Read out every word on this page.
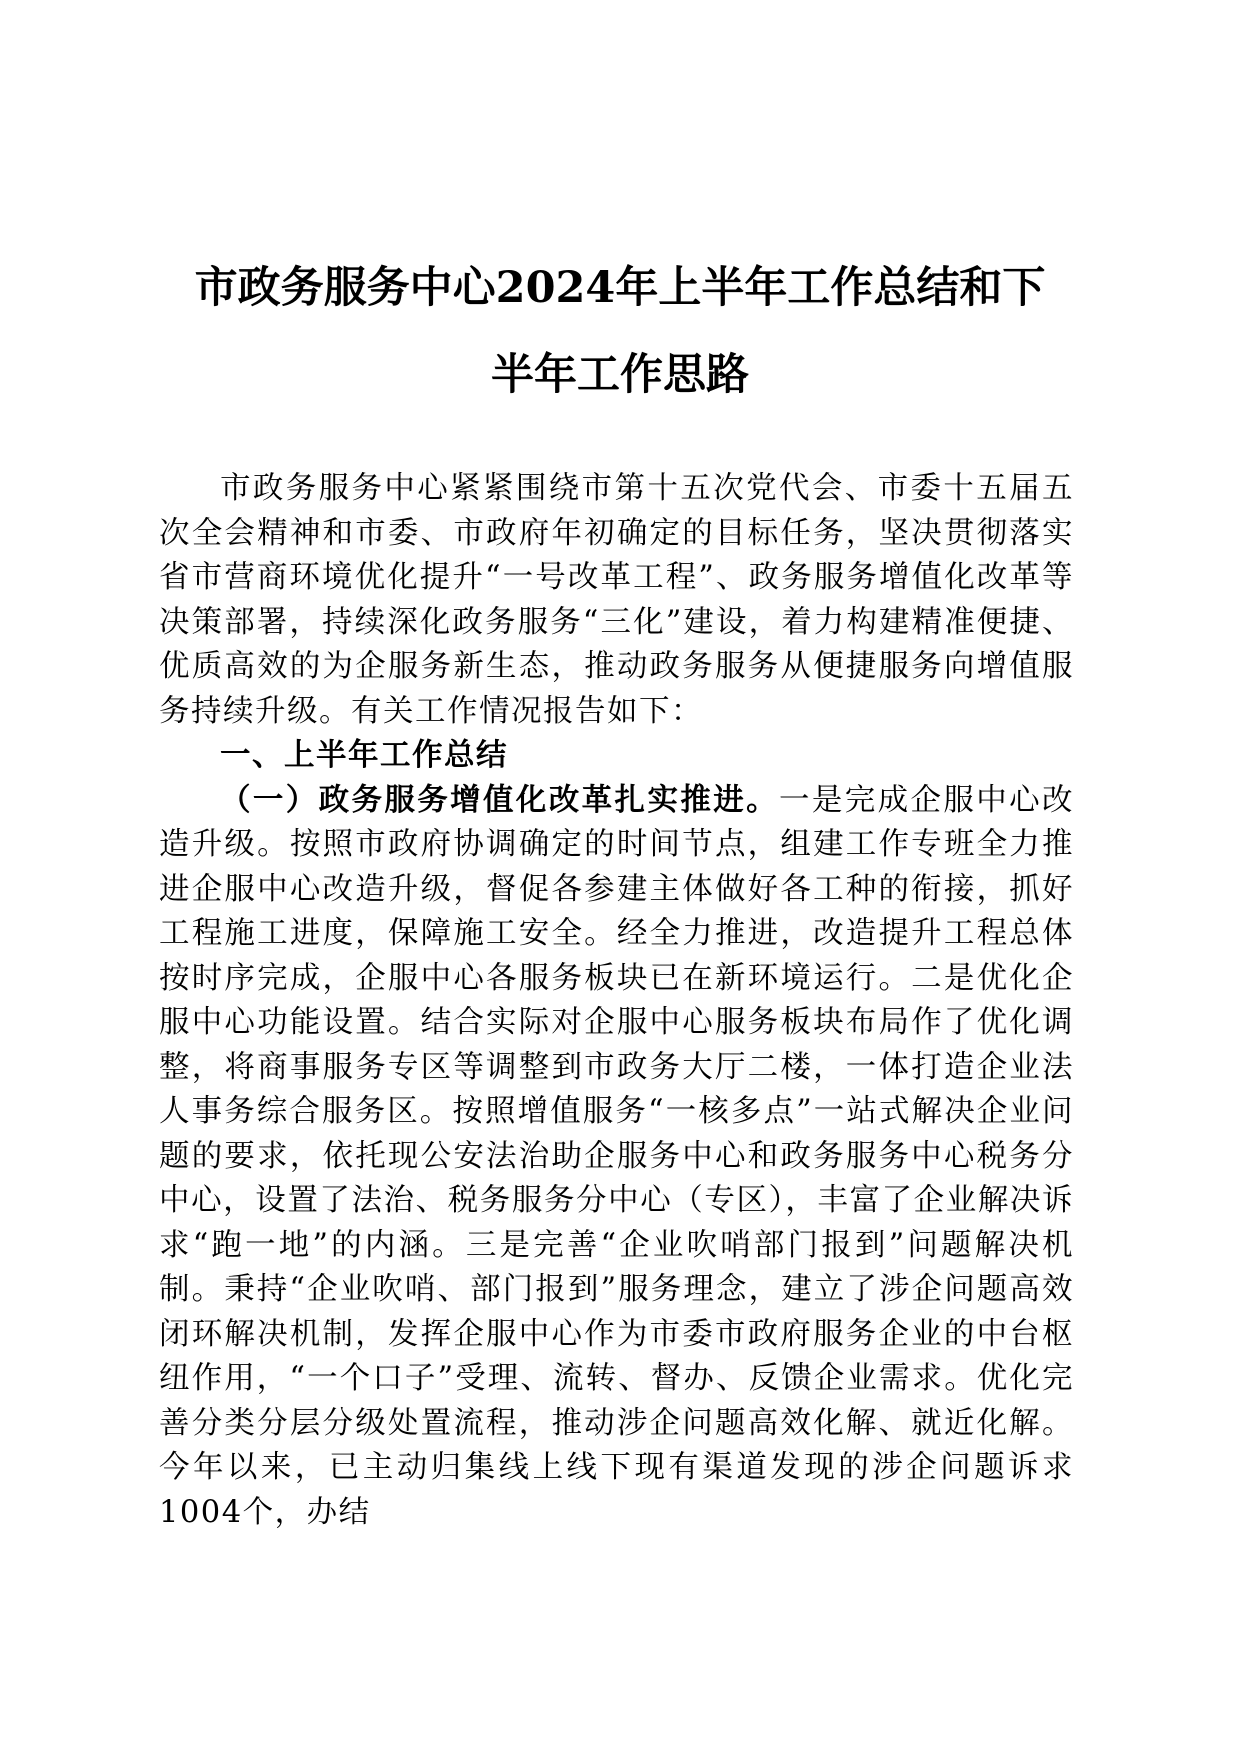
市政务服务中心2024年上半年工作总结和下
半年工作思路

市政务服务中心紧紧围绕市第十五次党代会、市委十五届五次全会精神和市委、市政府年初确定的目标任务，坚决贯彻落实省市营商环境优化提升“一号改革工程”、政务服务增值化改革等决策部署，持续深化政务服务“三化”建设，着力构建精准便捷、优质高效的为企服务新生态，推动政务服务从便捷服务向增值服务持续升级。有关工作情况报告如下：

一、上半年工作总结

（一）政务服务增值化改革扎实推进。一是完成企服中心改造升级。按照市政府协调确定的时间节点，组建工作专班全力推进企服中心改造升级，督促各参建主体做好各工种的衔接，抓好工程施工进度，保障施工安全。经全力推进，改造提升工程总体按时序完成，企服中心各服务板块已在新环境运行。二是优化企服中心功能设置。结合实际对企服中心服务板块布局作了优化调整，将商事服务专区等调整到市政务大厅二楼，一体打造企业法人事务综合服务区。按照增值服务“一核多点”一站式解决企业问题的要求，依托现公安法治助企服务中心和政务服务中心税务分中心，设置了法治、税务服务分中心（专区），丰富了企业解决诉求“跑一地”的内涵。三是完善“企业吹哨部门报到”问题解决机制。秉持“企业吹哨、部门报到”服务理念，建立了涉企问题高效闭环解决机制，发挥企服中心作为市委市政府服务企业的中台枢纽作用，“一个口子”受理、流转、督办、反馈企业需求。优化完善分类分层分级处置流程，推动涉企问题高效化解、就近化解。今年以来，已主动归集线上线下现有渠道发现的涉企问题诉求1004个，办结
